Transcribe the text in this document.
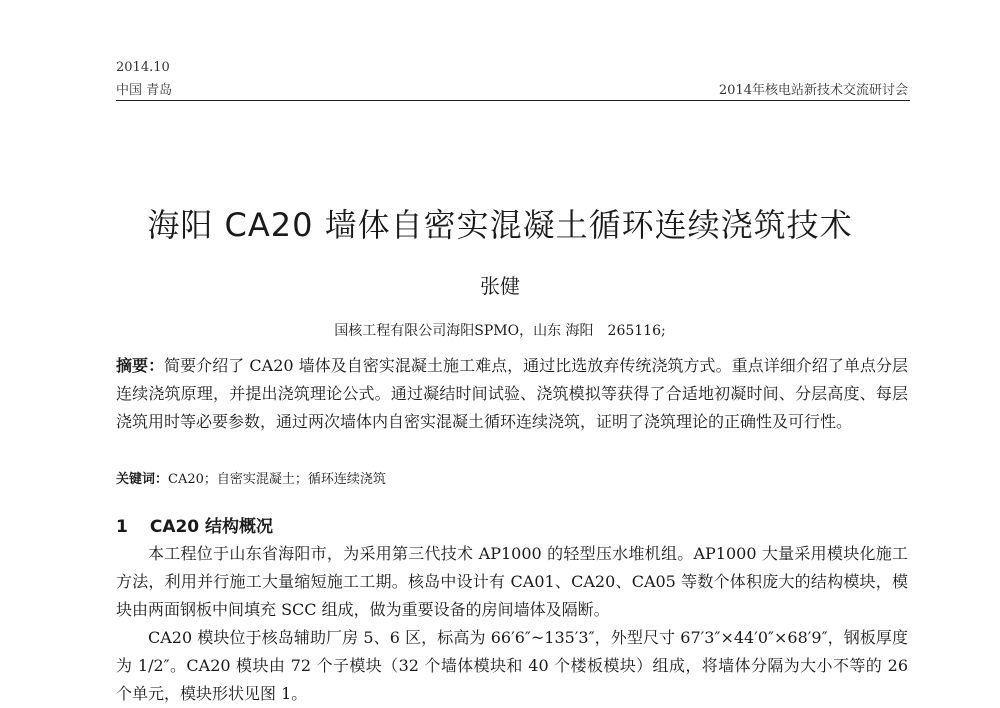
2014.10
中国 青岛	2014年核电站新技术交流研讨会
海阳 CA20 墙体自密实混凝土循环连续浇筑技术
张健
国核工程有限公司海阳SPMO，山东 海阳　265116;
摘要：简要介绍了 CA20 墙体及自密实混凝土施工难点，通过比选放弃传统浇筑方式。重点详细介绍了单点分层连续浇筑原理，并提出浇筑理论公式。通过凝结时间试验、浇筑模拟等获得了合适地初凝时间、分层高度、每层浇筑用时等必要参数，通过两次墙体内自密实混凝土循环连续浇筑，证明了浇筑理论的正确性及可行性。
关键词：CA20；自密实混凝土；循环连续浇筑
1 CA20 结构概况

本工程位于山东省海阳市，为采用第三代技术 AP1000 的轻型压水堆机组。AP1000 大量采用模块化施工方法，利用并行施工大量缩短施工工期。核岛中设计有 CA01、CA20、CA05 等数个体积庞大的结构模块，模块由两面钢板中间填充 SCC 组成，做为重要设备的房间墙体及隔断。

CA20 模块位于核岛辅助厂房 5、6 区，标高为 66′6″~135′3″，外型尺寸 67′3″×44′0″×68′9″，钢板厚度为 1/2″。CA20 模块由 72 个子模块（32 个墙体模块和 40 个楼板模块）组成，将墙体分隔为大小不等的 26 个单元，模块形状见图 1。
